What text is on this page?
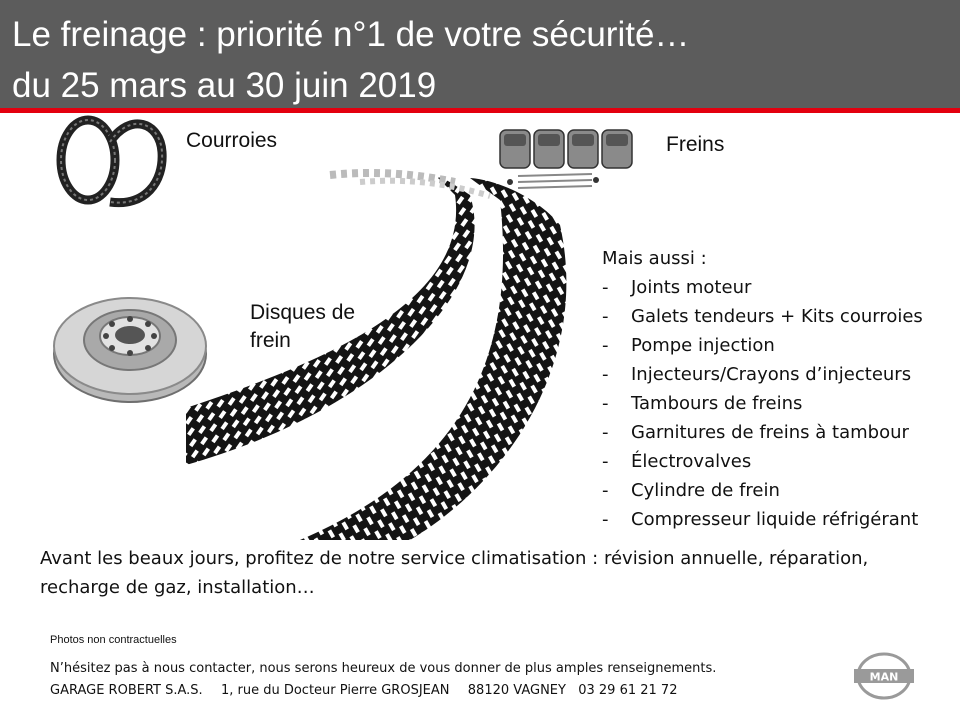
Le freinage : priorité n°1 de votre sécurité…
du 25 mars au 30 juin 2019
Courroies	Freins
Disques de
frein
Mais aussi :
- Joints moteur
- Galets tendeurs + Kits courroies
- Pompe injection
- Injecteurs/Crayons d’injecteurs
- Tambours de freins
- Garnitures de freins à tambour
- Électrovalves
- Cylindre de frein
- Compresseur liquide réfrigérant
Avant les beaux jours, profitez de notre service climatisation : révision annuelle, réparation, recharge de gaz, installation…
Photos non contractuelles
N’hésitez pas à nous contacter, nous serons heureux de vous donner de plus amples renseignements.
GARAGE ROBERT S.A.S. 1, rue du Docteur Pierre GROSJEAN 88120 VAGNEY 03 29 61 21 72
MAN
